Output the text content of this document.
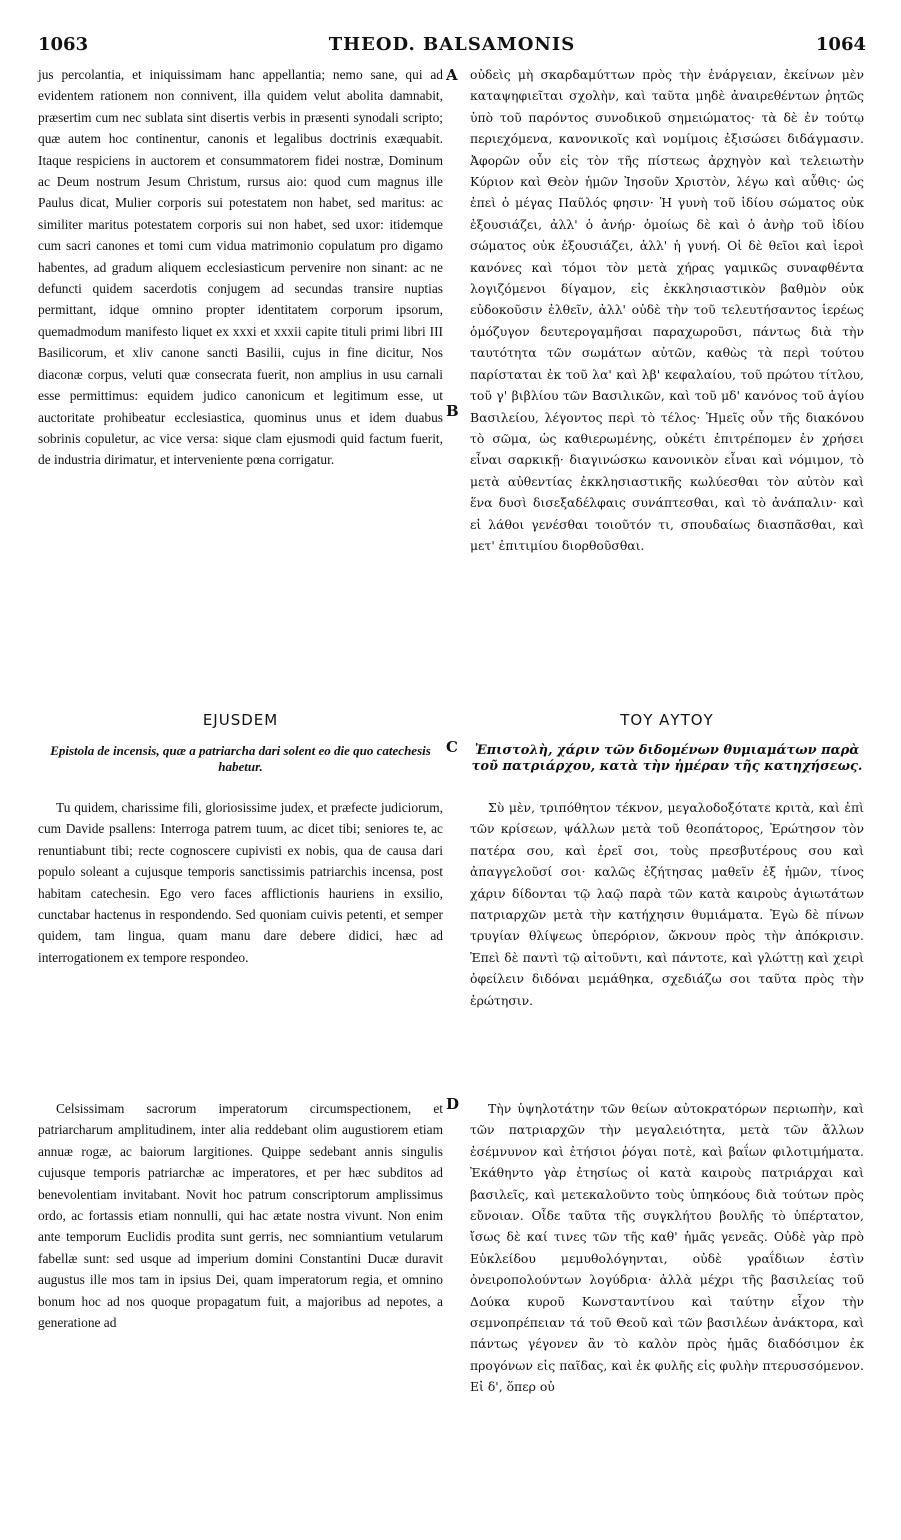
1063	THEOD. BALSAMONIS	1064
A
B
C
D

jus percolantia, et iniquissimam hanc appellantia; nemo sane, qui ad evidentem rationem non connivent, illa quidem velut abolita damnabit, præsertim cum nec sublata sint disertis verbis in præsenti synodali scripto; quæ autem hoc continentur, canonis et legalibus doctrinis exæquabit. Itaque respiciens in auctorem et consummatorem fidei nostræ, Dominum ac Deum nostrum Jesum Christum, rursus aio: quod cum magnus ille Paulus dicat, Mulier corporis sui potestatem non habet, sed maritus: ac similiter maritus potestatem corporis sui non habet, sed uxor: itidemque cum sacri canones et tomi cum vidua matrimonio copulatum pro digamo habentes, ad gradum aliquem ecclesiasticum pervenire non sinant: ac ne defuncti quidem sacerdotis conjugem ad secundas transire nuptias permittant, idque omnino propter identitatem corporum ipsorum, quemadmodum manifesto liquet ex xxxi et xxxii capite tituli primi libri III Basilicorum, et xliv canone sancti Basilii, cujus in fine dicitur, Nos diaconæ corpus, veluti quæ consecrata fuerit, non amplius in usu carnali esse permittimus: equidem judico canonicum et legitimum esse, ut auctoritate prohibeatur ecclesiastica, quominus unus et idem duabus sobrinis copuletur, ac vice versa: sique clam ejusmodi quid factum fuerit, de industria dirimatur, et interveniente pœna corrigatur.

EJUSDEM
Epistola de incensis, quæ a patriarcha dari solent eo die quo catechesis habetur.
Tu quidem, charissime fili, gloriosissime judex, et præfecte judiciorum, cum Davide psallens: Interroga patrem tuum, ac dicet tibi; seniores te, ac renuntiabunt tibi; recte cognoscere cupivisti ex nobis, qua de causa dari populo soleant a cujusque temporis sanctissimis patriarchis incensa, post habitam catechesin. Ego vero faces afflictionis hauriens in exsilio, cunctabar hactenus in respondendo. Sed quoniam cuivis petenti, et semper quidem, tam lingua, quam manu dare debere didici, hæc ad interrogationem ex tempore respondeo.
Celsissimam sacrorum imperatorum circumspectionem, et patriarcharum amplitudinem, inter alia reddebant olim augustiorem etiam annuæ rogæ, ac baiorum largitiones. Quippe sedebant annis singulis cujusque temporis patriarchæ ac imperatores, et per hæc subditos ad benevolentiam invitabant. Novit hoc patrum conscriptorum amplissimus ordo, ac fortassis etiam nonnulli, qui hac ætate nostra vivunt. Non enim ante temporum Euclidis prodita sunt gerris, nec somniantium vetularum fabellæ sunt: sed usque ad imperium domini Constantini Ducæ duravit augustus ille mos tam in ipsius Dei, quam imperatorum regia, et omnino bonum hoc ad nos quoque propagatum fuit, a majoribus ad nepotes, a generatione ad

οὐδεὶς μὴ σκαρδαμύττων πρὸς τὴν ἐνάργειαν, ἐκείνων μὲν καταψηφιεῖται σχολὴν, καὶ ταῦτα μηδὲ ἀναιρεθέντων ῥητῶς ὑπὸ τοῦ παρόντος συνοδικοῦ σημειώματος· τὰ δὲ ἐν τούτῳ περιεχόμενα, κανονικοῖς καὶ νομίμοις ἐξισώσει διδάγμασιν. Ἀφορῶν οὖν εἰς τὸν τῆς πίστεως ἀρχηγὸν καὶ τελειωτὴν Κύριον καὶ Θεὸν ἡμῶν Ἰησοῦν Χριστὸν, λέγω καὶ αὖθις· ὡς ἐπεὶ ὁ μέγας Παῦλός φησιν· Ἡ γυνὴ τοῦ ἰδίου σώματος οὐκ ἐξουσιάζει, ἀλλ' ὁ ἀνήρ· ὁμοίως δὲ καὶ ὁ ἀνὴρ τοῦ ἰδίου σώματος οὐκ ἐξουσιάζει, ἀλλ' ἡ γυνή. Οἱ δὲ θεῖοι καὶ ἱεροὶ κανόνες καὶ τόμοι τὸν μετὰ χήρας γαμικῶς συναφθέντα λογιζόμενοι δίγαμον, εἰς ἐκκλησιαστικὸν βαθμὸν οὐκ εὐδοκοῦσιν ἐλθεῖν, ἀλλ' οὐδὲ τὴν τοῦ τελευτήσαντος ἱερέως ὁμόζυγον δευτερογαμῆσαι παραχωροῦσι, πάντως διὰ τὴν ταυτότητα τῶν σωμάτων αὐτῶν, καθὼς τὰ περὶ τούτου παρίσταται ἐκ τοῦ λα' καὶ λβ' κεφαλαίου, τοῦ πρώτου τίτλου, τοῦ γ' βιβλίου τῶν Βασιλικῶν, καὶ τοῦ μδ' κανόνος τοῦ ἁγίου Βασιλείου, λέγοντος περὶ τὸ τέλος· Ἡμεῖς οὖν τῆς διακόνου τὸ σῶμα, ὡς καθιερωμένης, οὐκέτι ἐπιτρέπομεν ἐν χρήσει εἶναι σαρκικῇ· διαγινώσκω κανονικὸν εἶναι καὶ νόμιμον, τὸ μετὰ αὐθεντίας ἐκκλησιαστικῆς κωλύεσθαι τὸν αὐτὸν καὶ ἕνα δυσὶ δισεξαδέλφαις συνάπτεσθαι, καὶ τὸ ἀνάπαλιν· καὶ εἰ λάθοι γενέσθαι τοιοῦτόν τι, σπουδαίως διασπᾶσθαι, καὶ μετ' ἐπιτιμίου διορθοῦσθαι.

ΤΟΥ ΑΥΤΟΥ
Ἐπιστολὴ, χάριν τῶν διδομένων θυμιαμάτων παρὰ τοῦ πατριάρχου, κατὰ τὴν ἡμέραν τῆς κατηχήσεως.
Σὺ μὲν, τριπόθητον τέκνον, μεγαλοδοξότατε κριτὰ, καὶ ἐπὶ τῶν κρίσεων, ψάλλων μετὰ τοῦ θεοπάτορος, Ἐρώτησον τὸν πατέρα σου, καὶ ἐρεῖ σοι, τοὺς πρεσβυτέρους σου καὶ ἀπαγγελοῦσί σοι· καλῶς ἐζήτησας μαθεῖν ἐξ ἡμῶν, τίνος χάριν δίδονται τῷ λαῷ παρὰ τῶν κατὰ καιροὺς ἁγιωτάτων πατριαρχῶν μετὰ τὴν κατήχησιν θυμιάματα. Ἐγὼ δὲ πίνων τρυγίαν θλίψεως ὑπερόριον, ὤκνουν πρὸς τὴν ἀπόκρισιν. Ἐπεὶ δὲ παντὶ τῷ αἰτοῦντι, καὶ πάντοτε, καὶ γλώττῃ καὶ χειρὶ ὀφείλειν διδόναι μεμάθηκα, σχεδιάζω σοι ταῦτα πρὸς τὴν ἐρώτησιν.
Τὴν ὑψηλοτάτην τῶν θείων αὐτοκρατόρων περιωπὴν, καὶ τῶν πατριαρχῶν τὴν μεγαλειότητα, μετὰ τῶν ἄλλων ἐσέμνυνον καὶ ἐτήσιοι ῥόγαι ποτὲ, καὶ βαΐων φιλοτιμήματα. Ἐκάθηντο γὰρ ἐτησίως οἱ κατὰ καιροὺς πατριάρχαι καὶ βασιλεῖς, καὶ μετεκαλοῦντο τοὺς ὑπηκόους διὰ τούτων πρὸς εὔνοιαν. Οἶδε ταῦτα τῆς συγκλήτου βουλῆς τὸ ὑπέρτατον, ἴσως δὲ καί τινες τῶν τῆς καθ' ἡμᾶς γενεᾶς. Οὐδὲ γὰρ πρὸ Εὐκλείδου μεμυθολόγηνται, οὐδὲ γραΐδιων ἐστὶν ὀνειροπολούντων λογύδρια· ἀλλὰ μέχρι τῆς βασιλείας τοῦ Δούκα κυροῦ Κωνσταντίνου καὶ ταύτην εἶχον τὴν σεμνοπρέπειαν τά τοῦ Θεοῦ καὶ τῶν βασιλέων ἀνάκτορα, καὶ πάντως γέγονεν ἂν τὸ καλὸν πρὸς ἡμᾶς διαδόσιμον ἐκ προγόνων εἰς παῖδας, καὶ ἐκ φυλῆς εἰς φυλὴν πτερυσσόμενον. Εἰ δ', ὅπερ οὐ
